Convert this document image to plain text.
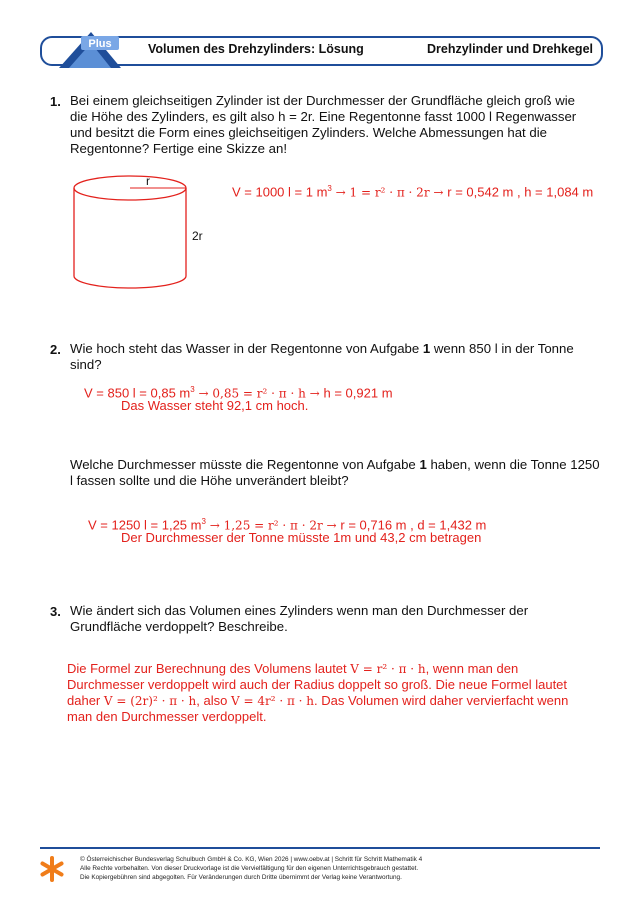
Plus	Volumen des Drehzylinders: Lösung	Drehzylinder und Drehkegel
1. Bei einem gleichseitigen Zylinder ist der Durchmesser der Grundfläche gleich groß wie die Höhe des Zylinders, es gilt also h = 2r. Eine Regentonne fasst 1000 l Regenwasser und besitzt die Form eines gleichseitigen Zylinders. Welche Abmessungen hat die Regentonne? Fertige eine Skizze an!
r
2r
V = 1000 l = 1 $m^3 \to 1 = r^2 \cdot \pi \cdot 2r \to r = 0,542$ m , h = 1,084 m
2. Wie hoch steht das Wasser in der Regentonne von Aufgabe 1 wenn 850 l in der Tonne sind?
V = 850 l = 0,85 $m^3 \to 0,85 = r^2 \cdot \pi \cdot h \to h = 0,921$ m
Das Wasser steht 92,1 cm hoch.
Welche Durchmesser müsste die Regentonne von Aufgabe 1 haben, wenn die Tonne 1250 l fassen sollte und die Höhe unverändert bleibt?
V = 1250 l = 1,25 $m^3 \to 1,25 = r^2 \cdot \pi \cdot 2r \to r = 0,716$ m , d = 1,432 m
Der Durchmesser der Tonne müsste 1m und 43,2 cm betragen
3. Wie ändert sich das Volumen eines Zylinders wenn man den Durchmesser der Grundfläche verdoppelt? Beschreibe.
Die Formel zur Berechnung des Volumens lautet V = r² · π · h, wenn man den Durchmesser verdoppelt wird auch der Radius doppelt so groß. Die neue Formel lautet daher V = (2r)² · π · h, also V = 4r² · π · h. Das Volumen wird daher vervierfacht wenn man den Durchmesser verdoppelt.
© Österreichischer Bundesverlag Schulbuch GmbH & Co. KG, Wien 2026 | www.oebv.at | Schritt für Schritt Mathematik 4
Alle Rechte vorbehalten. Von dieser Druckvorlage ist die Vervielfältigung für den eigenen Unterrichtsgebrauch gestattet.
Die Kopiergebühren sind abgegolten. Für Veränderungen durch Dritte übernimmt der Verlag keine Verantwortung.
